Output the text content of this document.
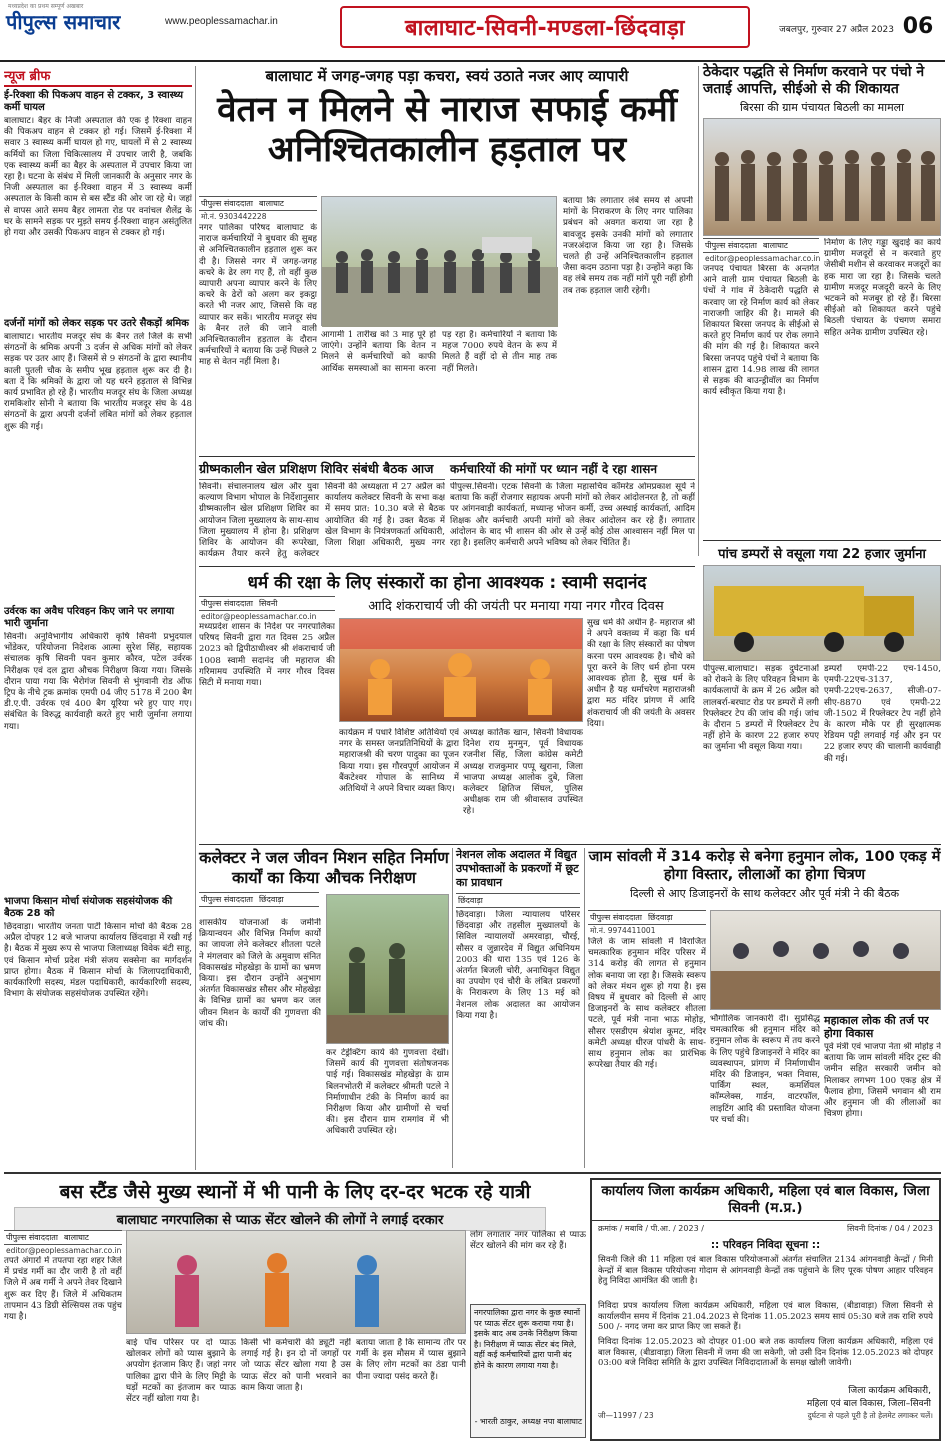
मध्यप्रदेश का प्रथम सम्पूर्ण अखबार
पीपुल्स समाचार	www.peoplessamachar.in	बालाघाट-सिवनी-मण्डला-छिंदवाड़ा	जबलपुर, गुरुवार 27 अप्रैल 2023 06
न्यूज ब्रीफ
ई-रिक्शा की पिकअप वाहन से टक्कर, 3 स्वास्थ्य कर्मी घायल
बालाघाट। बैहर के निजी अस्पताल की एक ई रिक्शा वाहन की पिकअप वाहन से टक्कर हो गई। जिसमें ई-रिक्शा में सवार 3 स्वास्थ्य कर्मी घायल हो गए, घायलों में से 2 स्वास्थ्य कर्मियों का जिला चिकित्सालय में उपचार जारी है, जबकि एक स्वास्थ्य कर्मी का बैहर के अस्पताल में उपचार किया जा रहा है। घटना के संबंध में मिली जानकारी के अनुसार नगर के निजी अस्पताल का ई-रिक्शा वाहन में 3 स्वास्थ्य कर्मी अस्पताल के किसी काम से बस स्टैंड की ओर जा रहे थे। जहां से वापस आते समय बैहर लामता रोड पर वनांचल शैलेंद्र के घर के सामने सड़क पर मुड़ते समय ई-रिक्शा वाहन असंतुलित हो गया और उसकी पिकअप वाहन से टक्कर हो गई।
दर्जनों मांगों को लेकर सड़क पर उतरे सैकड़ों श्रमिक
बालाघाट। भारतीय मजदूर संघ के बैनर तले जिले के सभी संगठनों के श्रमिक अपनी 3 दर्जन से अधिक मांगों को लेकर सड़क पर उतर आए हैं। जिसमें से 9 संगठनों के द्वारा स्थानीय काली पुतली चौक के समीप भूख हड़ताल शुरू कर दी है। बता दें कि श्रमिकों के द्वारा जो यह धरने हड़ताल से विभिन्न कार्य प्रभावित हो रहे हैं। भारतीय मजदूर संघ के जिला अध्यक्ष रामकिशोर सोनी ने बताया कि भारतीय मजदूर संघ के 48 संगठनों के द्वारा अपनी दर्जनों लंबित मांगों को लेकर हड़ताल शुरू की गई।
उर्वरक का अवैध परिवहन किए जाने पर लगाया भारी जुर्माना
सिवनी। अनुविभागीय अधिकारी कृषि सिवनी प्रभुदयाल भोंडेकर, परियोजना निदेशक आत्मा सुरेश सिंह, सहायक संचालक कृषि सिवनी पवन कुमार कौरव, पटेल उर्वरक निरीक्षक एवं दल द्वारा औचक निरीक्षण किया गया। जिसके दौरान पाया गया कि भैरोगंज सिवनी से भुंगवानी रोड ऑफ ट्रिप के नीचे ट्रक क्रमांक एमपी 04 जीए 5178 में 200 बैग डी.ए.पी. उर्वरक एवं 400 बैग यूरिया भरे हुए पाए गए। संबंधित के विरुद्ध कार्यवाही करते हुए भारी जुर्माना लगाया गया।
भाजपा किसान मोर्चा संयोजक सहसंयोजक की बैठक 28 को
छिंदवाड़ा। भारतीय जनता पार्टी किसान मोर्चा की बैठक 28 अप्रैल दोपहर 12 बजे भाजपा कार्यालय छिंदवाड़ा में रखी गई है। बैठक में मुख्य रूप से भाजपा जिलाध्यक्ष विवेक बंटी साहू, एवं किसान मोर्चा प्रदेश मंत्री संजय सक्सेना का मार्गदर्शन प्राप्त होगा। बैठक में किसान मोर्चा के जिलापदाधिकारी, कार्यकारिणी सदस्य, मंडल पदाधिकारी, कार्यकारिणी सदस्य, विभाग के संयोजक सहसंयोजक उपस्थित रहेंगे।
बालाघाट में जगह-जगह पड़ा कचरा, स्वयं उठाते नजर आए व्यापारी
वेतन न मिलने से नाराज सफाई कर्मी अनिश्चितकालीन हड़ताल पर
पीपुल्स संवाददाता बालाघाट
मो.नं. 9303442228
नगर पालिका परिषद बालाघाट के नाराज कर्मचारियों ने बुधवार की सुबह से अनिश्चितकालीन हड़ताल शुरू कर दी है। जिससे नगर में जगह-जगह कचरे के ढेर लग गए हैं, तो वहीं कुछ व्यापारी अपना व्यापार करने के लिए कचरे के ढेरों को अलग कर इकट्ठा करते भी नजर आए, जिससे कि वह व्यापार कर सकें। भारतीय मजदूर संघ के बैनर तले की जाने वाली अनिश्चितकालीन हड़ताल के दौरान कर्मचारियों ने बताया कि उन्हें पिछले 2 माह से वेतन नहीं मिला है।
आगामी 1 तारीख को 3 माह पूरे हो जाएंगे। उन्होंने बताया कि वेतन न मिलने से कर्मचारियों को काफी आर्थिक समस्याओं का सामना करना पड़ रहा है। कर्मचारियों ने बताया कि महज 7000 रुपये वेतन के रूप में मिलते हैं वहीं दो से तीन माह तक नहीं मिलते।
बताया कि लगातार लंबे समय से अपनी मांगों के निराकरण के लिए नगर पालिका प्रबंधन को अवगत कराया जा रहा है बावजूद इसके उनकी मांगों को लगातार नजरअंदाज किया जा रहा है। जिसके चलते ही उन्हें अनिश्चितकालीन हड़ताल जैसा कदम उठाना पड़ा है। उन्होंने कहा कि वह लंबे समय तक नहीं मांगें पूरी नहीं होगी तब तक हड़ताल जारी रहेगी।
ग्रीष्मकालीन खेल प्रशिक्षण शिविर संबंधी बैठक आज
सिवनी। संचालनालय खेल और युवा कल्याण विभाग भोपाल के निर्देशानुसार ग्रीष्मकालीन खेल प्रशिक्षण शिविर का आयोजन जिला मुख्यालय के साथ-साथ जिला मुख्यालय में होना है। प्रशिक्षण शिविर के आयोजन की रूपरेखा, कार्यक्रम तैयार करने हेतु कलेक्टर सिवनी की अध्यक्षता में 27 अप्रैल को कार्यालय कलेक्टर सिवनी के सभा कक्ष में समय प्रात: 10.30 बजे से बैठक आयोजित की गई है। उक्त बैठक में खेल विभाग के नियंत्रणकर्ता अधिकारी, जिला शिक्षा अधिकारी, मुख्य नगर
कर्मचारियों की मांगों पर ध्यान नहीं दे रहा शासन
पीपुल्स.सिवनी। एटक सिवनी के जिला महासचिव कॉमरेड ओमप्रकाश सूर्ये ने बताया कि कहीं रोजगार सहायक अपनी मांगों को लेकर आंदोलनरत है, तो कहीं पर आंगनवाड़ी कार्यकर्ता, मध्यान्ह भोजन कर्मी, उच्च अस्थाई कार्यकर्ता, आदिम शिक्षक और कर्मचारी अपनी मांगों को लेकर आंदोलन कर रहे हैं। लगातार आंदोलन के बाद भी शासन की ओर से उन्हें कोई ठोस आश्वासन नहीं मिल पा रहा है। इसलिए कर्मचारी अपने भविष्य को लेकर चिंतित हैं।
ठेकेदार पद्धति से निर्माण करवाने पर पंचो ने जताई आपत्ति, सीईओ से की शिकायत
बिरसा की ग्राम पंचायत बिठली का मामला
पीपुल्स संवाददाता बालाघाट
editor@peoplessamachar.co.in
जनपद पंचायत बिरसा के अन्तर्गत आने वाली ग्राम पंचायत बिठली के पंचों ने गांव में ठेकेदारी पद्धति से करवाए जा रहे निर्माण कार्य को लेकर नाराजगी जाहिर की है। मामले की शिकायत बिरसा जनपद के सीईओ से करते हुए निर्माण कार्य पर रोक लगाने की मांग की गई है। शिकायत करने बिरसा जनपद पहुंचे पंचों ने बताया कि शासन द्वारा 14.98 लाख की लागत से सड़क की बाउन्ड्रीवॉल का निर्माण कार्य स्वीकृत किया गया है।
निर्माण के लिए गड्ढा खुदाई का कार्य ग्रामीण मजदूरों से न करवाते हुए जेसीबी मशीन से करवाकर मजदूरों का हक मारा जा रहा है। जिसके चलते ग्रामीण मजदूर मजदूरी करने के लिए भटकने को मजबूर हो रहे हैं। बिरसा सीईओ को शिकायत करने पहुंचे बिठली पंचायत के पंचगण समारा सहित अनेक ग्रामीण उपस्थित रहे।
पांच डम्परों से वसूला गया 22 हजार जुर्माना
पीपुल्स.बालाघाट। सड़क दुर्घटनाओं को रोकने के लिए परिवहन विभाग के कार्यकलापों के क्रम में 26 अप्रैल को लालबर्रा-बरघाट रोड पर डम्परों में लगी रिफ्लेक्टर टेप की जांच की गई। जांच के दौरान 5 डम्परों में रिफ्लेक्टर टेप नहीं होने के कारण 22 हजार रुपए का जुर्माना भी वसूल किया गया।
डम्परों एमपी-22 एच-1450, एमपी-22एच-3137, एमपी-22एच-2637, सीजी-07-सीए-8870 एवं एमपी-22 जी-1502 में रिफ्लेक्टर टेप नहीं होने के कारण मौके पर ही सुरक्षात्मक रेडियम पट्टी लगवाई गई और इन पर 22 हजार रुपए की चालानी कार्यवाही की गई।
धर्म की रक्षा के लिए संस्कारों का होना आवश्यक : स्वामी सदानंद
आदि शंकराचार्य जी की जयंती पर मनाया गया नगर गौरव दिवस
पीपुल्स संवाददाता सिवनी
editor@peoplessamachar.co.in
मध्यप्रदेश शासन के निर्देश पर नगरपालिका परिषद सिवनी द्वारा गत दिवस 25 अप्रैल 2023 को द्विपीठाधीश्वर श्री शंकराचार्य जी 1008 स्वामी सदानंद जी महाराज की गरिमामय उपस्थिति में नगर गौरव दिवस सिटी में मनाया गया।
कार्यक्रम में पधारे विशिष्ट अतिथियों एवं नगर के समस्त जनप्रतिनिधियों के द्वारा महाराजश्री की चरण पादुका का पूजन किया गया। इस गौरवपूर्ण आयोजन में बैंकटेश्वर गोपाल के सानिध्य में अतिथियों ने अपने विचार व्यक्त किए।
अध्यक्ष कार्तिक खान, सिवनी विधायक दिनेश राय मुनमुन, पूर्व विधायक रजनीश सिंह, जिला कांग्रेस कमेटी अध्यक्ष राजकुमार पप्पू खुराना, जिला भाजपा अध्यक्ष आलोक दुबे, जिला कलेक्टर क्षितिज सिंघल, पुलिस अधीक्षक राम जी श्रीवास्तव उपस्थित रहे।
सुख धर्म की अधीन है- महाराज श्री ने अपने वक्तव्य में कहा कि धर्म की रक्षा के लिए संस्कारों का पोषण करना परम आवश्यक है। चौथे को पूरा करने के लिए धर्म होना परम आवश्यक होता है, सुख धर्म के अधीन है यह धर्माचरेण महाराजश्री द्वारा मठ मंदिर प्रांगण में आदि शंकराचार्य जी की जयंती के अवसर दिया।
कलेक्टर ने जल जीवन मिशन सहित निर्माण कार्यों का किया औचक निरीक्षण
पीपुल्स संवाददाता छिंदवाड़ा
शासकीय योजनाओं के जमीनी क्रियान्वयन और विभिन्न निर्माण कार्यों का जायजा लेने कलेक्टर शीतला पटले ने मंगलवार को जिले के अमुवाण संनित विकासखंड मोहखेड़ा के ग्रामों का भ्रमण किया। इस दौरान उन्होंने अनुभाग अंतर्गत विकासखंड सौसर और मोहखेड़ा के विभिन्न ग्रामों का भ्रमण कर जल जीवन मिशन के कार्यों की गुणवत्ता की जांच की।
कर टेड्रेक्टिंग कार्य की गुणवत्ता देखी। जिसमें कार्य की गुणवत्ता संतोषजनक पाई गई। विकासखंड मोहखेड़ा के ग्राम बिलनभोतरी में कलेक्टर श्रीमती पटले ने निर्माणाधीन टंकी के निर्माण कार्य का निरीक्षण किया और ग्रामीणों से चर्चा की। इस दौरान ग्राम रामगांव में भी अधिकारी उपस्थित रहे।
नेशनल लोक अदालत में विद्युत उपभोक्ताओं के प्रकरणों में छूट का प्रावधान
छिंदवाड़ा
छिंदवाड़ा। जिला न्यायालय परिसर छिंदवाड़ा और तहसील मुख्यालयों के सिविल न्यायालयों अमरवाड़ा, चौरई, सौसर व जुन्नारदेव में विद्युत अधिनियम 2003 की धारा 135 एवं 126 के अंतर्गत बिजली चोरी, अनाधिकृत विद्युत का उपयोग एवं चौरी के लंबित प्रकरणों के निराकरण के लिए 13 मई को नेशनल लोक अदालत का आयोजन किया गया है।
जाम सांवली में 314 करोड़ से बनेगा हनुमान लोक, 100 एकड़ में होगा विस्तार, लीलाओं का होगा चित्रण
दिल्ली से आए डिजाइनरों के साथ कलेक्टर और पूर्व मंत्री ने की बैठक
पीपुल्स संवाददाता छिंदवाड़ा
मो.नं. 9974411001
जिले के जाम सांवली में विराजित चमत्कारिक हनुमान मंदिर परिसर में 314 करोड़ की लागत से हनुमान लोक बनाया जा रहा है। जिसके स्वरूप को लेकर मंथन शुरू हो गया है। इस विषय में बुधवार को दिल्ली से आए डिजाइनरों के साथ कलेक्टर शीतला पटले, पूर्व मंत्री नाना भाऊ मोहोड़, सौसर एसडीएम श्रेयांश कूमट, मंदिर कमेटी अध्यक्ष धीरज पांधरी के साथ-साथ हनुमान लोक का प्रारंभिक रूपरेखा तैयार की गई।
भौगोलिक जानकारी दी। सुप्रसिद्ध चमत्कारिक श्री हनुमान मंदिर को हनुमान लोक के स्वरूप में तय करने के लिए पहुंचे डिजाइनरों ने मंदिर का व्यवस्थापन, प्रांगण में निर्माणाधीन मंदिर की डिजाइन, भक्त निवास, पार्किंग स्थल, कमर्शियल कॉम्प्लेक्स, गार्डन, वाटरफॉल, लाइटिंग आदि की प्रस्तावित योजना पर चर्चा की।
महाकाल लोक की तर्ज पर होगा विकास
पूर्व मंत्री एवं भाजपा नेता श्री मोहोड़ ने बताया कि जाम सांवली मंदिर ट्रस्ट की जमीन सहित सरकारी जमीन को मिलाकर लगभग 100 एकड़ क्षेत्र में फैलाव होगा, जिसमें भगवान श्री राम और हनुमान जी की लीलाओं का चित्रण होगा।
बस स्टैंड जैसे मुख्य स्थानों में भी पानी के लिए दर-दर भटक रहे यात्री
बालाघाट नगरपालिका से प्याऊ सेंटर खोलने की लोगों ने लगाई दरकार
पीपुल्स संवाददाता बालाघाट
editor@peoplessamachar.co.in
तपते अंगारों में तपतपा रहा शहर जिले में प्रचंड गर्मी का दौर जारी है तो वहीं जिले में अब गर्मी ने अपने तेवर दिखाने शुरू कर दिए हैं। जिले में अधिकतम तापमान 43 डिग्री सेल्सियस तक पहुंच गया है।
बाई पाँच परिसर पर दो प्याऊ खोलकर लोगों को प्यास बुझाने के अपयोग इंतजाम किए हैं। जहां नगर पालिका द्वारा पीने के लिए मिट्टी के घड़ों मटकों का इंतजाम कर प्याऊ सेंटर नहीं खोला गया है।
किसी भी कर्मचारी की ड्यूटी नहीं लगाई गई है। इन दो नों जगहों पर जो प्याऊ सेंटर खोला गया है उस प्याऊ सेंटर को पानी भरवाने का काम किया जाता है।
बताया जाता है कि सामान्य तौर पर गर्मी के इस मौसम में प्यास बुझाने के लिए लोग मटकों का ठंडा पानी पीना ज्यादा पसंद करते हैं।
लोग लगातार नगर पालिका से प्याऊ सेंटर खोलने की मांग कर रहे हैं।
नगरपालिका द्वारा नगर के कुछ स्थानों पर प्याऊ सेंटर शुरू कराया गया है। इसके बाद अब उनके निरीक्षण किया है। निरीक्षण में प्याऊ सेंटर बंद मिले, वहीं कई कर्मचारियों द्वारा पानी बंद होने के कारण लगाया गया है।
- भारती ठाकुर, अध्यक्ष नपा बालाघाट
कार्यालय जिला कार्यक्रम अधिकारी, महिला एवं बाल विकास, जिला सिवनी (म.प्र.)
क्रमांक / मबावि / पी.आ. / 2023 /	सिवनी दिनांक / 04 / 2023
:: परिवहन निविदा सूचना ::
सिवनी जिले की 11 महिला एवं बाल विकास परियोजनाओं अंतर्गत संचालित 2134 आंगनवाड़ी केन्द्रों / मिनी केन्द्रों में बाल विकास परियोजना गोदाम से आंगनवाड़ी केन्द्रों तक पहुंचाने के लिए पूरक पोषण आहार परिवहन हेतु निविदा आमंत्रित की जाती है।
निविदा प्रपत्र कार्यालय जिला कार्यक्रम अधिकारी, महिला एवं बाल विकास, (बीडावाड़ा) जिला सिवनी से कार्यालयीन समय में दिनांक 21.04.2023 से दिनांक 11.05.2023 समय सायं 05:30 बजे तक राशि रुपये 500 /- नगद जमा कर प्राप्त किए जा सकते हैं।
निविदा दिनांक 12.05.2023 को दोपहर 01:00 बजे तक कार्यालय जिला कार्यक्रम अधिकारी, महिला एवं बाल विकास, (बीडावाड़ा) जिला सिवनी में जमा की जा सकेगी, जो उसी दिन दिनांक 12.05.2023 को दोपहर 03:00 बजे निविदा समिति के द्वारा उपस्थित निविदादाताओं के समक्ष खोली जावेगी।
जिला कार्यक्रम अधिकारी,
महिला एवं बाल विकास, जिला–सिवनी
जी—11997 / 23	दुर्घटना से पहले पूरी है तो हेलमेट लगाकर चलें।
